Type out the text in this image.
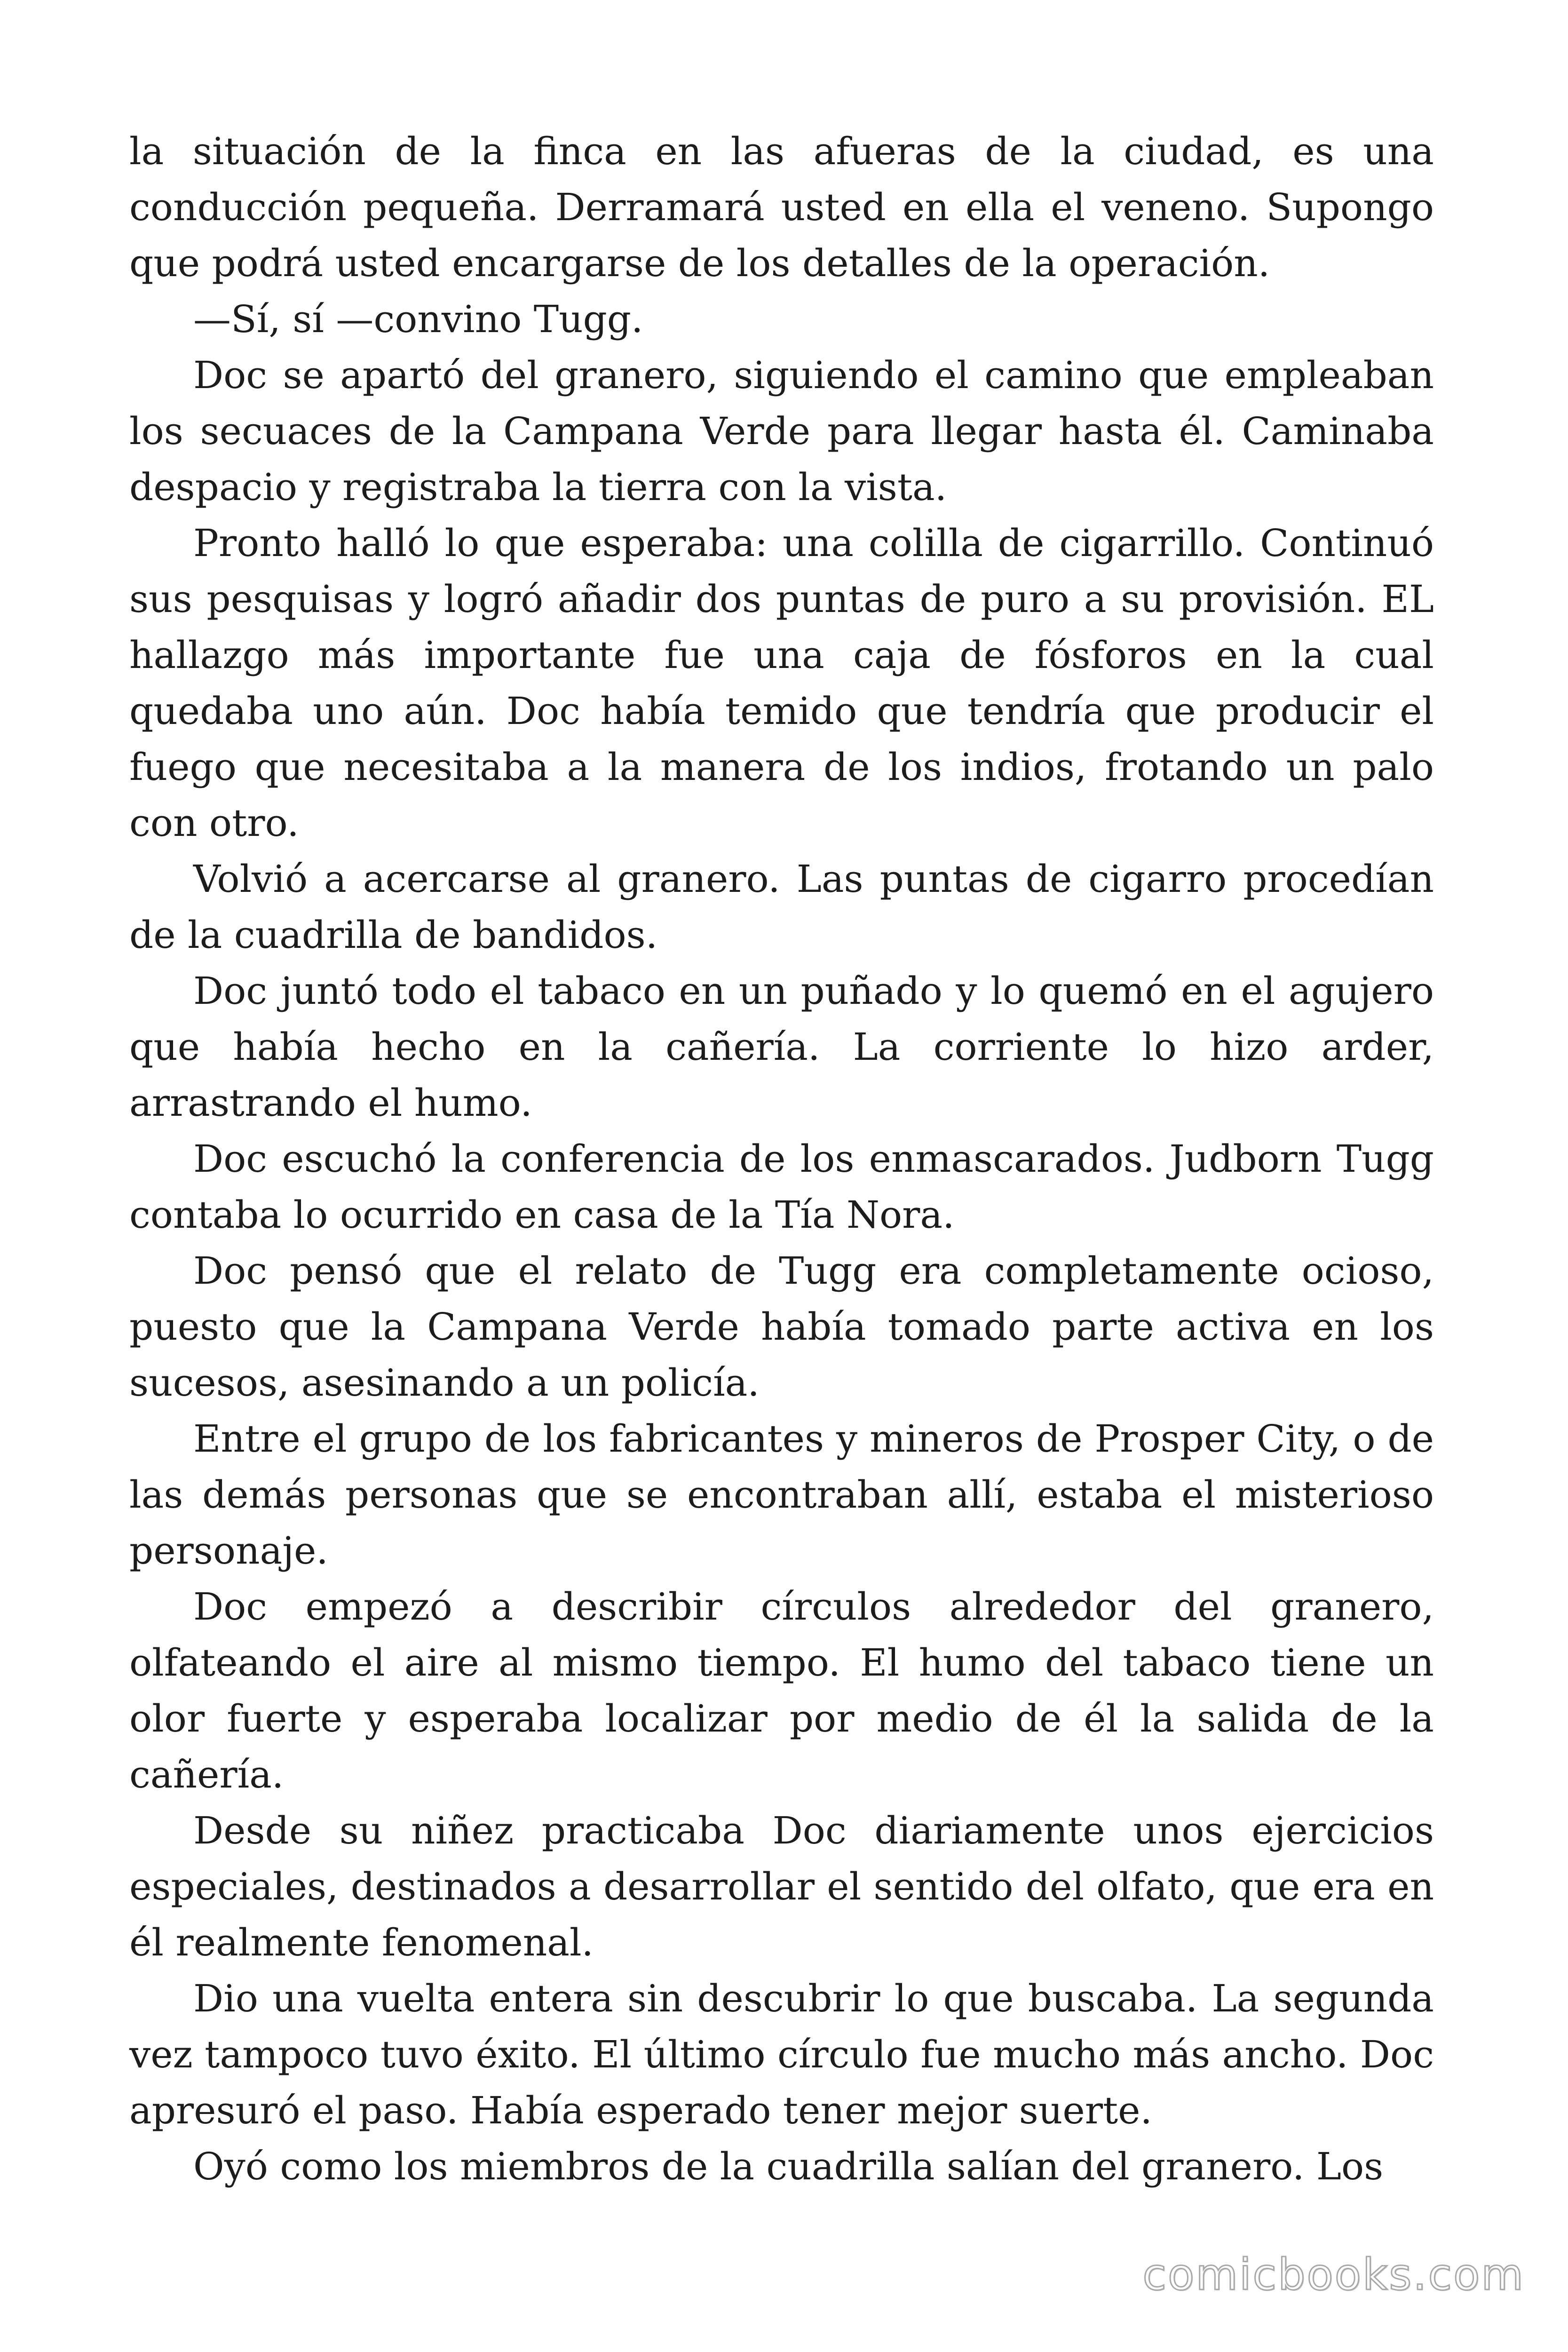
la situación de la finca en las afueras de la ciudad, es una conducción pequeña. Derramará usted en ella el veneno. Supongo que podrá usted encargarse de los detalles de la operación.

—Sí, sí —convino Tugg.

Doc se apartó del granero, siguiendo el camino que empleaban los secuaces de la Campana Verde para llegar hasta él. Caminaba despacio y registraba la tierra con la vista.

Pronto halló lo que esperaba: una colilla de cigarrillo. Continuó sus pesquisas y logró añadir dos puntas de puro a su provisión. EL hallazgo más importante fue una caja de fósforos en la cual quedaba uno aún. Doc había temido que tendría que producir el fuego que necesitaba a la manera de los indios, frotando un palo con otro.

Volvió a acercarse al granero. Las puntas de cigarro procedían de la cuadrilla de bandidos.

Doc juntó todo el tabaco en un puñado y lo quemó en el agujero que había hecho en la cañería. La corriente lo hizo arder, arrastrando el humo.

Doc escuchó la conferencia de los enmascarados. Judborn Tugg contaba lo ocurrido en casa de la Tía Nora.

Doc pensó que el relato de Tugg era completamente ocioso, puesto que la Campana Verde había tomado parte activa en los sucesos, asesinando a un policía.

Entre el grupo de los fabricantes y mineros de Prosper City, o de las demás personas que se encontraban allí, estaba el misterioso personaje.

Doc empezó a describir círculos alrededor del granero, olfateando el aire al mismo tiempo. El humo del tabaco tiene un olor fuerte y esperaba localizar por medio de él la salida de la cañería.

Desde su niñez practicaba Doc diariamente unos ejercicios especiales, destinados a desarrollar el sentido del olfato, que era en él realmente fenomenal.

Dio una vuelta entera sin descubrir lo que buscaba. La segunda vez tampoco tuvo éxito. El último círculo fue mucho más ancho. Doc apresuró el paso. Había esperado tener mejor suerte.

Oyó como los miembros de la cuadrilla salían del granero. Los

comicbooks.com
